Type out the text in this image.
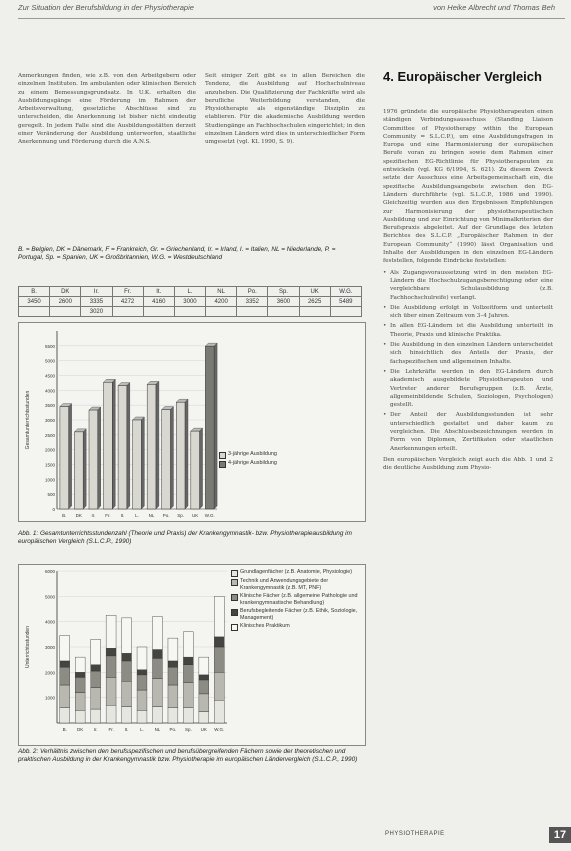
Zur Situation der Berufsbildung in der Physiotherapie	von Heike Albrecht und Thomas Beh

Anmerkungen finden, wie z.B. von den Arbeitgebern oder einzelnen Instituten. Im ambulanten oder klinischen Bereich zu einem Bemessungsgrundsatz. In U.K. erhalten die Ausbildungsgänge eine Förderung im Rahmen der Arbeitsverwaltung, gesetzliche Abschlüsse sind zu unterscheiden, die Anerkennung ist bisher nicht eindeutig geregelt. In jedem Falle sind die Ausbildungsstätten derzeit einer Veränderung der Ausbildung unterworfen, staatliche Anerkennung und Förderung durch die A.N.S.

Seit einiger Zeit gibt es in allen Bereichen die Tendenz, die Ausbildung auf Hochschulniveau anzuheben. Die Qualifizierung der Fachkräfte wird als berufliche Weiterbildung verstanden, die Physiotherapie als eigenständige Disziplin zu etablieren. Für die akademische Ausbildung werden Studiengänge an Fachhochschulen eingerichtet; in den einzelnen Ländern wird dies in unterschiedlicher Form umgesetzt (vgl. KL 1990, S. 9).

B. = Belgien, DK = Dänemark, F = Frankreich, Gr. = Griechenland, Ir. = Irland, I. = Italien, NL = Niederlande, P. = Portugal, Sp. = Spanien, UK = Großbritannien, W.G. = Westdeutschland
B.	DK	Ir.	Fr.	It.	L.	NL	Po.	Sp.	UK	W.G.
3450	2600	3335	4272	4160	3000	4200	3352	3600	2625	5489
		3020								
0
500
1000
1500
2000
2500
3000
3500
4000
4500
5000
5500
B. DK Ir. Fr. It. L. NL Po. Sp. UK W.G.
Gesamtunterrichtsstunden
3-jährige Ausbildung
4-jährige Ausbildung
Abb. 1: Gesamtunterrichtsstundenzahl (Theorie und Praxis) der Krankengymnastik- bzw. Physiotherapieausbildung im europäischen Vergleich (S.L.C.P., 1990)
1000
2000
3000
4000
5000
6000
B. DK Ir. Fr. It.	L. NL Po. Sp. UK W.G.
Unterrichtsstunden
Grundlagenfächer (z.B. Anatomie, Physiologie)
Technik und Anwendungsgebiete der Krankengymnastik (z.B. MT, PNF)
Klinische Fächer (z.B. allgemeine Pathologie und krankengymnastische Behandlung)
Berufsbegleitende Fächer (z.B. Ethik, Soziologie, Management)
Klinisches Praktikum
Abb. 2: Verhältnis zwischen den berufsspezifischen und berufsübergreifenden Fächern sowie der theoretischen und praktischen Ausbildung in der Krankengymnastik bzw. Physiotherapie im europäischen Ländervergleich (S.L.C.P., 1990)
4. Europäischer Vergleich

1976 gründete die europäische Physiotherapeuten einen ständigen Verbindungsausschuss (Standing Liaison Committee of Physiotherapy within the European Community = S.L.C.P.), um eine Ausbildungsfragen in Europa und eine Harmonisierung der europäischen Berufe voran zu bringen sowie dem Rahmen einer spezifischen EG-Richtlinie für Physiotherapeuten zu entwickeln (vgl. KG 6/1994, S. 621). Zu diesem Zweck setzte der Ausschuss eine Arbeitsgemeinschaft ein, die spezifische Ausbildungsangebote zwischen den EG-Ländern durchführte (vgl. S.L.C.P., 1986 und 1990). Gleichzeitig wurden aus den Ergebnissen Empfehlungen zur Harmonisierung der physiotherapeutischen Ausbildung und zur Einrichtung von Minimalkriterien der Berufspraxis abgeleitet. Auf der Grundlage des letzten Berichtes des S.L.C.P. „Europäischer Rahmen in der European Community“ (1990) lässt Organisation und Inhalte der Ausbildungen in den einzelnen EG-Ländern feststellen, folgende Eindrücke feststellen:

• Als Zugangsvoraussetzung wird in den meisten EG-Ländern die Hochschulzugangsberechtigung oder eine vergleichbare Schulausbildung (z.B. Fachhochschulreife) verlangt.
• Die Ausbildung erfolgt in Vollzeitform und unterteilt sich über einen Zeitraum von 3–4 Jahren.
• In allen EG-Ländern ist die Ausbildung unterteilt in Theorie, Praxis und klinische Praktika.
• Die Ausbildung in den einzelnen Ländern unterscheidet sich hinsichtlich des Anteils der Praxis, der fachspezifischen und allgemeinen Inhalte.
• Die Lehrkräfte werden in den EG-Ländern durch akademisch ausgebildete Physiotherapeuten und Vertreter anderer Berufsgruppen (z.B. Ärzte, allgemeinbildende Schulen, Soziologen, Psychologen) gestellt.
• Der Anteil der Ausbildungsstunden ist sehr unterschiedlich gestaltet und daher kaum zu vergleichen. Die Abschlussbezeichnungen werden in Form von Diplomen, Zertifikaten oder staatlichen Anerkennungen erteilt.

Den europäischen Vergleich zeigt auch die Abb. 1 und 2 die deutliche Ausbildung zum Physio-

PHYSIOTHERAPIE	17
